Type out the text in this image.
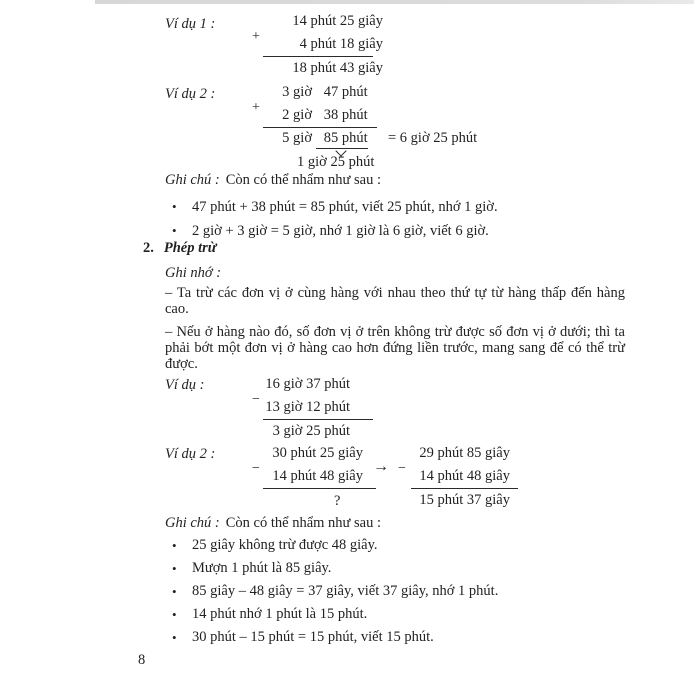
Ví dụ 1 :
+
14 phút 25 giây
4 phút 18 giây
18 phút 43 giây
Ví dụ 2 :
+
3 giờ 47 phút
2 giờ 38 phút
5 giờ 85 phút = 6 giờ 25 phút
1 giờ 25 phút
Ghi chú : Còn có thể nhẩm như sau :
•
47 phút + 38 phút = 85 phút, viết 25 phút, nhớ 1 giờ.
•
2 giờ + 3 giờ = 5 giờ, nhớ 1 giờ là 6 giờ, viết 6 giờ.
2. Phép trừ
Ghi nhớ :
– Ta trừ các đơn vị ở cùng hàng với nhau theo thứ tự từ hàng thấp đến hàng cao.
– Nếu ở hàng nào đó, số đơn vị ở trên không trừ được số đơn vị ở dưới; thì ta phải bớt một đơn vị ở hàng cao hơn đứng liền trước, mang sang để có thể trừ được.
Ví dụ :
−
16 giờ 37 phút
13 giờ 12 phút
3 giờ 25 phút
Ví dụ 2 :
−
30 phút 25 giây
14 phút 48 giây
?
→ −
29 phút 85 giây
14 phút 48 giây
15 phút 37 giây
Ghi chú : Còn có thể nhẩm như sau :
•
25 giây không trừ được 48 giây.
•
Mượn 1 phút là 85 giây.
•
85 giây – 48 giây = 37 giây, viết 37 giây, nhớ 1 phút.
•
14 phút nhớ 1 phút là 15 phút.
•
30 phút – 15 phút = 15 phút, viết 15 phút.
8
